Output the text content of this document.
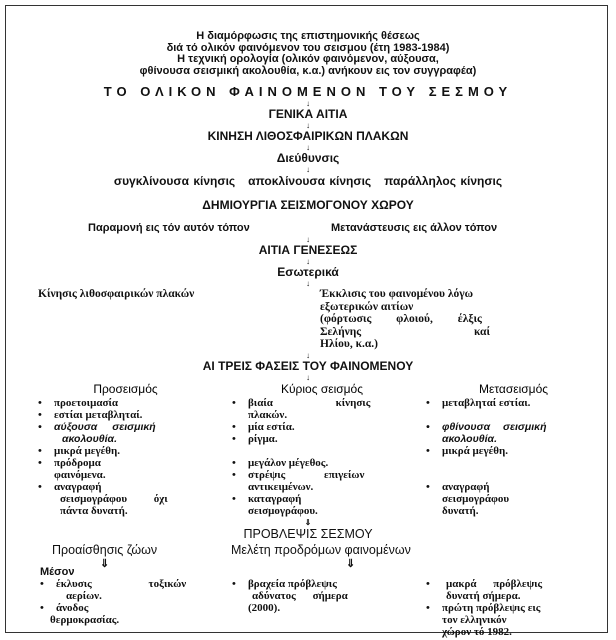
Η διαμόρφωσις της επιστημονικής θέσεως
διά τό ολικόν φαινόμενον του σεισμου (έτη 1983-1984)
Η τεχνική ορολογία (ολικόν φαινόμενον, αύξουσα,
φθίνουσα σεισμική ακολουθία, κ.α.) ανήκουν εις τον συγγραφέα)
ΤΟ ΟΛΙΚΟΝ ΦΑΙΝΟΜΕΝΟΝ ΤΟΥ ΣΕΣΜΟΥ
↓
ΓΕΝΙΚΑ ΑΙΤΙΑ
↓
ΚΙΝΗΣΗ ΛΙΘΟΣΦΑΙΡΙΚΩΝ ΠΛΑΚΩΝ
↓
Διεύθυνσις
↓
συγκλίνουσα κίνησις αποκλίνουσα κίνησις παράλληλος κίνησις
ΔΗΜΙΟΥΡΓΙΑ ΣΕΙΣΜΟΓΟΝΟΥ ΧΩΡΟΥ
Παραμονή εις τόν αυτόν τόπον	Μετανάστευσις εις άλλον τόπον
↓
ΑΙΤΙΑ ΓΕΝΕΣΕΩΣ
↓
Εσωτερικά
↓
Κίνησις λιθοσφαιρικών πλακών	Έκκλισις του φαινομένου λόγω
εξωτερικών αιτίων
(φόρτωσις φλοιού, έλξις
Σελήνης καί
Ηλίου, κ.α.)
↓
ΑΙ ΤΡΕΙΣ ΦΑΣΕΙΣ ΤΟΥ ΦΑΙΝΟΜΕΝΟΥ
↓
Προσεισμός
• προετοιμασία
• εστίαι μεταβληταί.
• αύξουσα σεισμική
ακολουθία.
• μικρά μεγέθη.
• πρόδρομα
φαινόμενα.
• αναγραφή
σεισμογράφου όχι
πάντα δυνατή.
Κύριος σεισμός
• βιαία κίνησις
πλακών.
• μία εστία.
• ρίγμα.
• μεγάλον μέγεθος.
• στρέψις επιγείων
αντικειμένων.
• καταγραφή
σεισμογράφου.
Μετασεισμός
• μεταβληταί εστίαι.
• φθίνουσα σεισμική
ακολουθία.
• μικρά μεγέθη.
• αναγραφή
σεισμογράφου
δυνατή.
⇓
ΠΡΟΒΛΕΨΙΣ ΣΕΣΜΟΥ
Προαίσθησις ζώων	Μελέτη προδρόμων φαινομένων
⇓	⇓
Μέσον
• έκλυσις τοξικών
αερίων.
• άνοδος
θερμοκρασίας.
• βραχεία πρόβλεψις
αδύνατος σήμερα
(2000).
• μακρά πρόβλεψις
δυνατή σήμερα.
• πρώτη πρόβλεψις εις
τον ελληνικόν
χώρον τό 1982.
